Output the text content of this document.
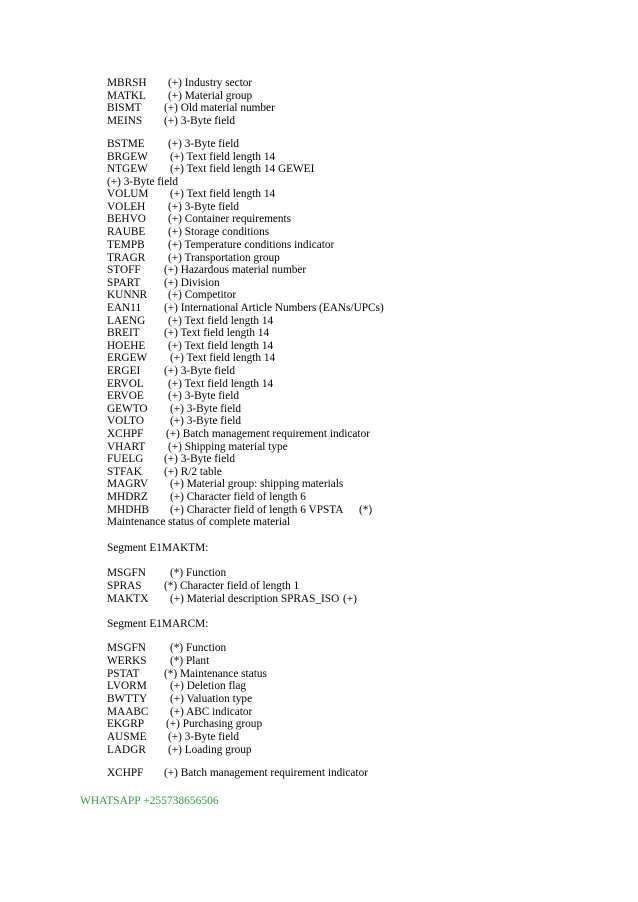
MBRSH (+) Industry sector
MATKL (+) Material group
BISMT (+) Old material number
MEINS (+) 3-Byte field
BSTME (+) 3-Byte field
BRGEW (+) Text field length 14
NTGEW (+) Text field length 14 GEWEI
(+) 3-Byte field
VOLUM (+) Text field length 14
VOLEH (+) 3-Byte field
BEHVO (+) Container requirements
RAUBE (+) Storage conditions
TEMPB (+) Temperature conditions indicator
TRAGR (+) Transportation group
STOFF (+) Hazardous material number
SPART (+) Division
KUNNR (+) Competitor
EAN11 (+) International Article Numbers (EANs/UPCs)
LAENG (+) Text field length 14
BREIT (+) Text field length 14
HOEHE (+) Text field length 14
ERGEW (+) Text field length 14
ERGEI (+) 3-Byte field
ERVOL (+) Text field length 14
ERVOE (+) 3-Byte field
GEWTO (+) 3-Byte field
VOLTO (+) 3-Byte field
XCHPF (+) Batch management requirement indicator
VHART (+) Shipping material type
FUELG (+) 3-Byte field
STFAK (+) R/2 table
MAGRV (+) Material group: shipping materials
MHDRZ (+) Character field of length 6
MHDHB (+) Character field of length 6 VPSTA (*)
Maintenance status of complete material
Segment E1MAKTM:
MSGFN (*) Function
SPRAS (*) Character field of length 1
MAKTX (+) Material description SPRAS_ISO (+)
Segment E1MARCM:
MSGFN (*) Function
WERKS (*) Plant
PSTAT (*) Maintenance status
LVORM (+) Deletion flag
BWTTY (+) Valuation type
MAABC (+) ABC indicator
EKGRP (+) Purchasing group
AUSME (+) 3-Byte field
LADGR (+) Loading group
XCHPF (+) Batch management requirement indicator
WHATSAPP +255738656506
